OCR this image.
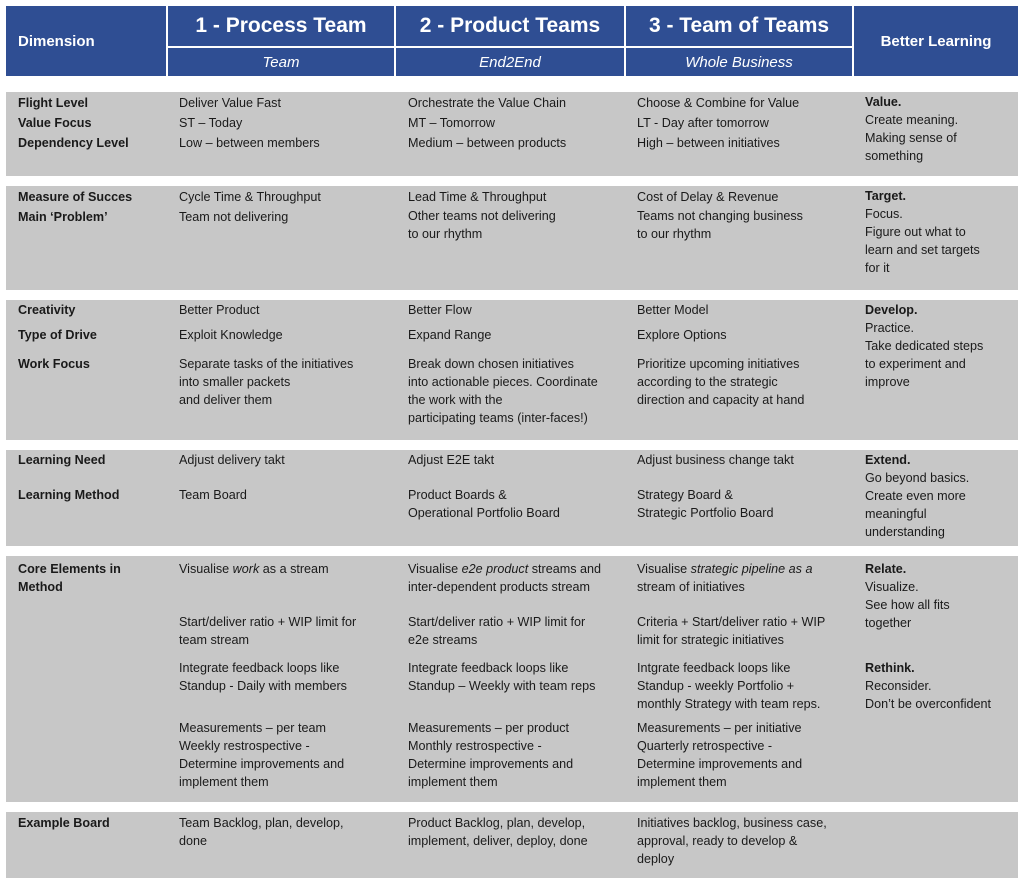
Dimension
1 - Process Team
Team
2 - Product Teams
End2End
3 - Team of Teams
Whole Business
Better Learning
Flight Level
Value Focus
Dependency Level
Deliver Value Fast
ST – Today
Low – between members
Orchestrate the Value Chain
MT – Tomorrow
Medium – between products
Choose & Combine for Value
LT - Day after tomorrow
High – between initiatives
Value.
Create meaning.
Making sense of
something
Measure of Succes
Main ‘Problem’
Cycle Time & Throughput
Team not delivering
Lead Time & Throughput
Other teams not delivering
to our rhythm
Cost of Delay & Revenue
Teams not changing business
to our rhythm
Target.
Focus.
Figure out what to
learn and set targets
for it
Creativity
Type of Drive
Work Focus
Better Product
Exploit Knowledge
Separate tasks of the initiatives
into smaller packets
and deliver them
Better Flow
Expand Range
Break down chosen initiatives
into actionable pieces. Coordinate
the work with the
participating teams (inter-faces!)
Better Model
Explore Options
Prioritize upcoming initiatives
according to the strategic
direction and capacity at hand
Develop.
Practice.
Take dedicated steps
to experiment and
improve
Learning Need
Learning Method
Adjust delivery takt
Team Board
Adjust E2E takt
Product Boards &
Operational Portfolio Board
Adjust business change takt
Strategy Board &
Strategic Portfolio Board
Extend.
Go beyond basics.
Create even more
meaningful
understanding
Core Elements in
Method
Visualise work as a stream
Start/deliver ratio + WIP limit for
team stream
Integrate feedback loops like
Standup - Daily with members
Measurements – per team
Weekly restrospective -
Determine improvements and
implement them
Visualise e2e product streams and
inter-dependent products stream
Start/deliver ratio + WIP limit for
e2e streams
Integrate feedback loops like
Standup – Weekly with team reps
Measurements – per product
Monthly restrospective -
Determine improvements and
implement them
Visualise strategic pipeline as a
stream of initiatives
Criteria + Start/deliver ratio + WIP
limit for strategic initiatives
Intgrate feedback loops like
Standup - weekly Portfolio +
monthly Strategy with team reps.
Measurements – per initiative
Quarterly retrospective -
Determine improvements and
implement them
Relate.
Visualize.
See how all fits
together
Rethink.
Reconsider.
Don’t be overconfident
Example Board	Team Backlog, plan, develop,
done
Product Backlog, plan, develop,
implement, deliver, deploy, done
Initiatives backlog, business case,
approval, ready to develop &
deploy
